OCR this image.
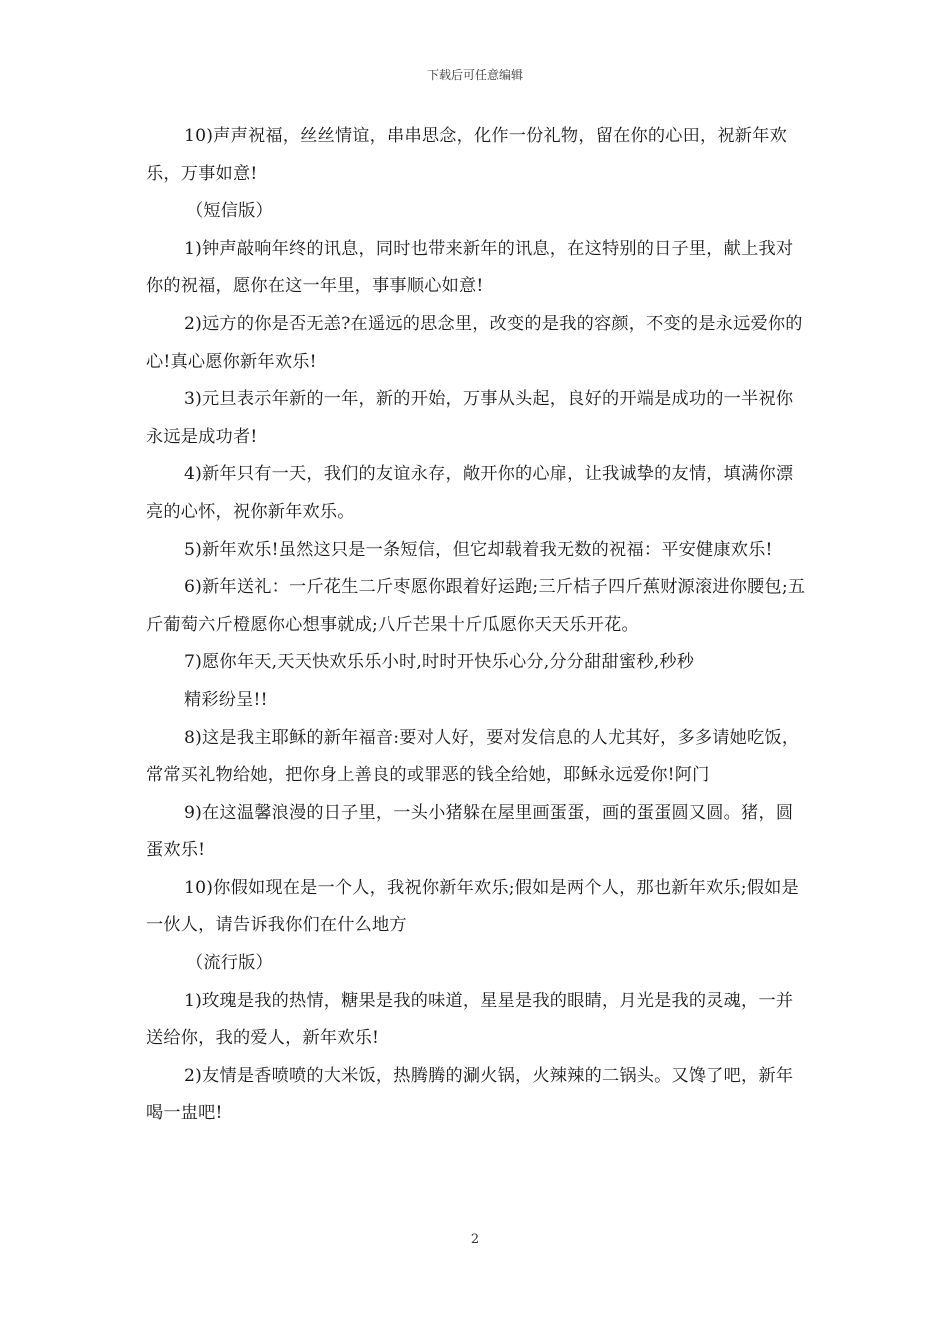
下载后可任意编辑

10)声声祝福，丝丝情谊，串串思念，化作一份礼物，留在你的心田，祝新年欢乐，万事如意!

（短信版）

1)钟声敲响年终的讯息，同时也带来新年的讯息，在这特别的日子里，献上我对你的祝福，愿你在这一年里，事事顺心如意!

2)远方的你是否无恙?在遥远的思念里，改变的是我的容颜，不变的是永远爱你的心!真心愿你新年欢乐!

3)元旦表示年新的一年，新的开始，万事从头起，良好的开端是成功的一半祝你永远是成功者!

4)新年只有一天，我们的友谊永存，敞开你的心扉，让我诚挚的友情，填满你漂亮的心怀，祝你新年欢乐。

5)新年欢乐!虽然这只是一条短信，但它却载着我无数的祝福：平安健康欢乐!

6)新年送礼：一斤花生二斤枣愿你跟着好运跑;三斤桔子四斤蕉财源滚进你腰包;五斤葡萄六斤橙愿你心想事就成;八斤芒果十斤瓜愿你天天乐开花。

7)愿你年天,天天快欢乐乐小时,时时开快乐心分,分分甜甜蜜秒,秒秒

精彩纷呈!!

8)这是我主耶稣的新年福音:要对人好，要对发信息的人尤其好，多多请她吃饭，常常买礼物给她，把你身上善良的或罪恶的钱全给她，耶稣永远爱你!阿门

9)在这温馨浪漫的日子里，一头小猪躲在屋里画蛋蛋，画的蛋蛋圆又圆。猪，圆蛋欢乐!

10)你假如现在是一个人，我祝你新年欢乐;假如是两个人，那也新年欢乐;假如是一伙人，请告诉我你们在什么地方

（流行版）

1)玫瑰是我的热情，糖果是我的味道，星星是我的眼睛，月光是我的灵魂，一并送给你，我的爱人，新年欢乐!

2)友情是香喷喷的大米饭，热腾腾的涮火锅，火辣辣的二锅头。又馋了吧，新年喝一盅吧!

2
